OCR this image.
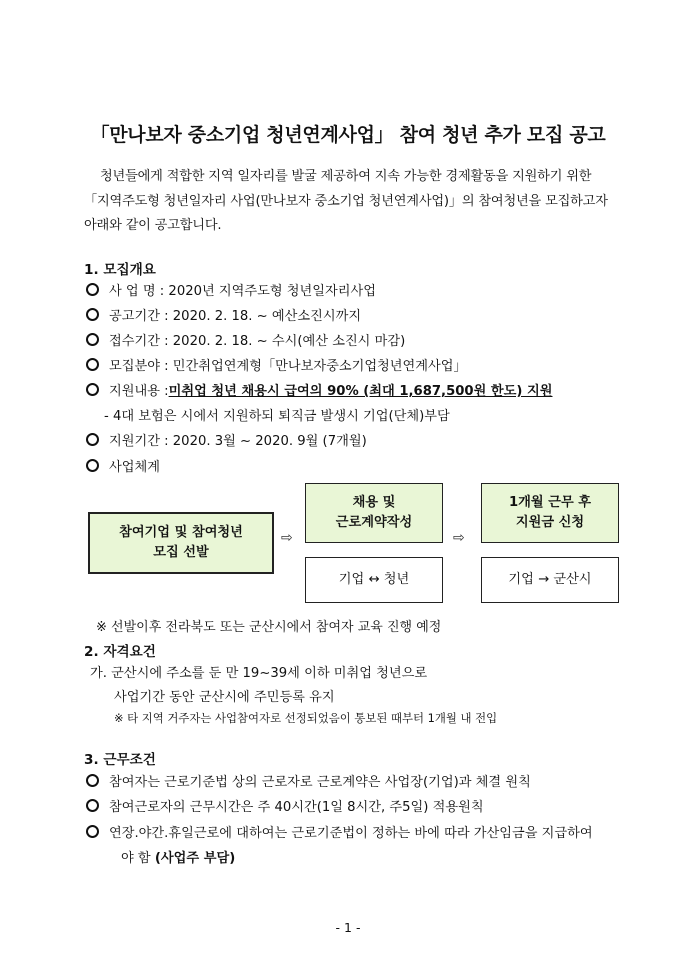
「만나보자 중소기업 청년연계사업」 참여 청년 추가 모집 공고
청년들에게 적합한 지역 일자리를 발굴 제공하여 지속 가능한 경제활동을 지원하기 위한
「지역주도형 청년일자리 사업(만나보자 중소기업 청년연계사업)」의 참여청년을 모집하고자
아래와 같이 공고합니다.
1. 모집개요
사 업 명 : 2020년 지역주도형 청년일자리사업
공고기간 : 2020. 2. 18. ~ 예산소진시까지
접수기간 : 2020. 2. 18. ~ 수시(예산 소진시 마감)
모집분야 : 민간취업연계형「만나보자중소기업청년연계사업」
지원내용 : 미취업 청년 채용시 급여의 90% (최대 1,687,500원 한도) 지원
- 4대 보험은 시에서 지원하되 퇴직금 발생시 기업(단체)부담
지원기간 : 2020. 3월 ~ 2020. 9월 (7개월)
사업체계
참여기업 및 참여청년
모집 선발
⇨
채용 및
근로계약작성
기업 ↔ 청년
⇨
1개월 근무 후
지원금 신청
기업 → 군산시
※ 선발이후 전라북도 또는 군산시에서 참여자 교육 진행 예정
2. 자격요건
가. 군산시에 주소를 둔 만 19~39세 이하 미취업 청년으로
사업기간 동안 군산시에 주민등록 유지
※ 타 지역 거주자는 사업참여자로 선정되었음이 통보된 때부터 1개월 내 전입
3. 근무조건
참여자는 근로기준법 상의 근로자로 근로계약은 사업장(기업)과 체결 원칙
참여근로자의 근무시간은 주 40시간(1일 8시간, 주5일) 적용원칙
연장.야간.휴일근로에 대하여는 근로기준법이 정하는 바에 따라 가산임금을 지급하여
야 함 (사업주 부담)
- 1 -
